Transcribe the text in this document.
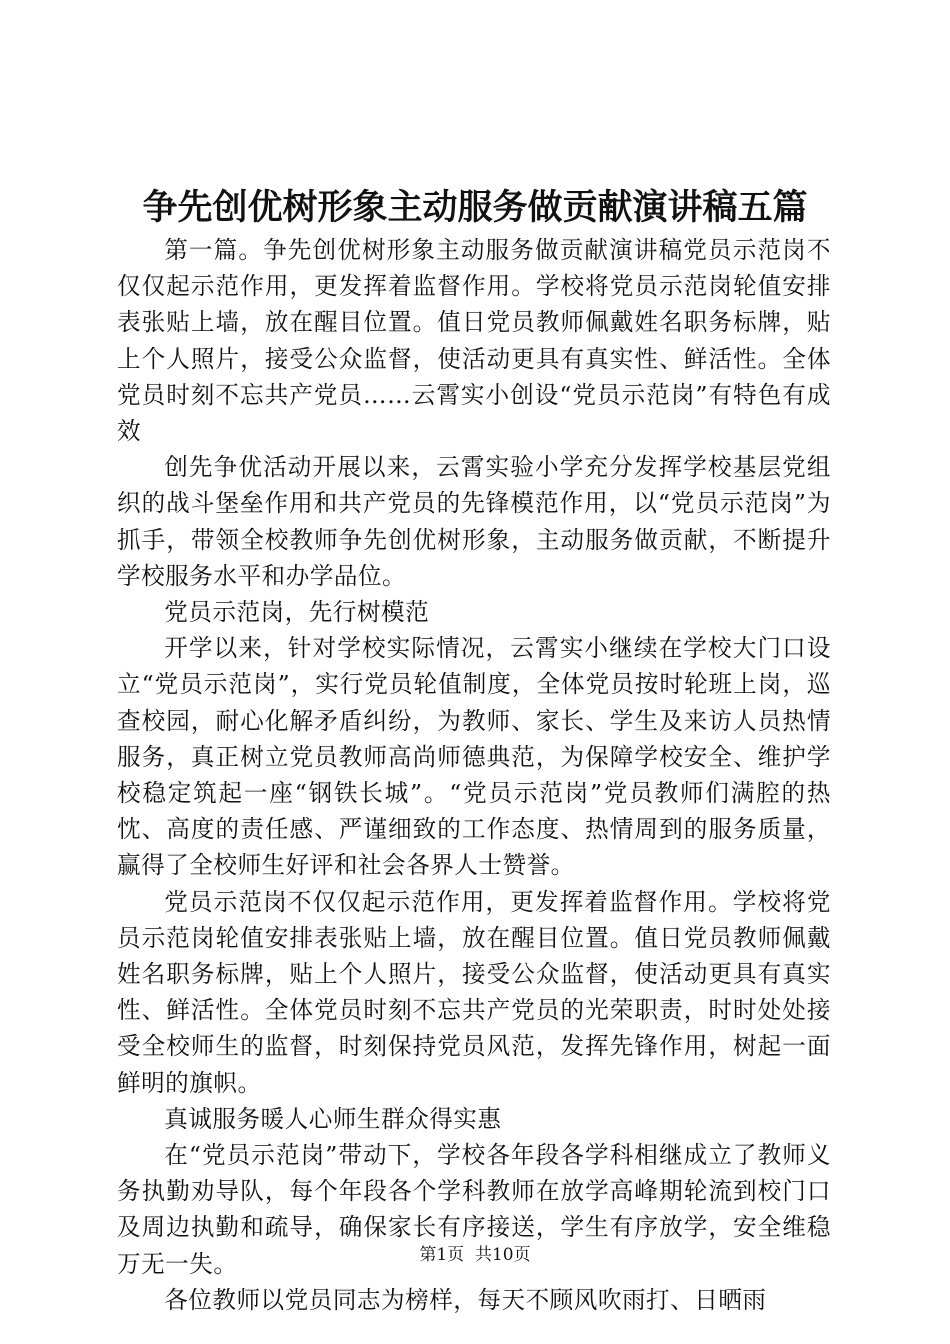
争先创优树形象主动服务做贡献演讲稿五篇

第一篇。争先创优树形象主动服务做贡献演讲稿党员示范岗不仅仅起示范作用，更发挥着监督作用。学校将党员示范岗轮值安排表张贴上墙，放在醒目位置。值日党员教师佩戴姓名职务标牌，贴上个人照片，接受公众监督，使活动更具有真实性、鲜活性。全体党员时刻不忘共产党员……云霄实小创设“党员示范岗”有特色有成效

创先争优活动开展以来，云霄实验小学充分发挥学校基层党组织的战斗堡垒作用和共产党员的先锋模范作用，以“党员示范岗”为抓手，带领全校教师争先创优树形象，主动服务做贡献，不断提升学校服务水平和办学品位。

党员示范岗，先行树模范

开学以来，针对学校实际情况，云霄实小继续在学校大门口设立“党员示范岗”，实行党员轮值制度，全体党员按时轮班上岗，巡查校园，耐心化解矛盾纠纷，为教师、家长、学生及来访人员热情服务，真正树立党员教师高尚师德典范，为保障学校安全、维护学校稳定筑起一座“钢铁长城”。“党员示范岗”党员教师们满腔的热忱、高度的责任感、严谨细致的工作态度、热情周到的服务质量，赢得了全校师生好评和社会各界人士赞誉。

党员示范岗不仅仅起示范作用，更发挥着监督作用。学校将党员示范岗轮值安排表张贴上墙，放在醒目位置。值日党员教师佩戴姓名职务标牌，贴上个人照片，接受公众监督，使活动更具有真实性、鲜活性。全体党员时刻不忘共产党员的光荣职责，时时处处接受全校师生的监督，时刻保持党员风范，发挥先锋作用，树起一面鲜明的旗帜。

真诚服务暖人心师生群众得实惠

在“党员示范岗”带动下，学校各年段各学科相继成立了教师义务执勤劝导队，每个年段各个学科教师在放学高峰期轮流到校门口及周边执勤和疏导，确保家长有序接送，学生有序放学，安全维稳万无一失。

各位教师以党员同志为榜样，每天不顾风吹雨打、日晒雨

第1页  共10页
